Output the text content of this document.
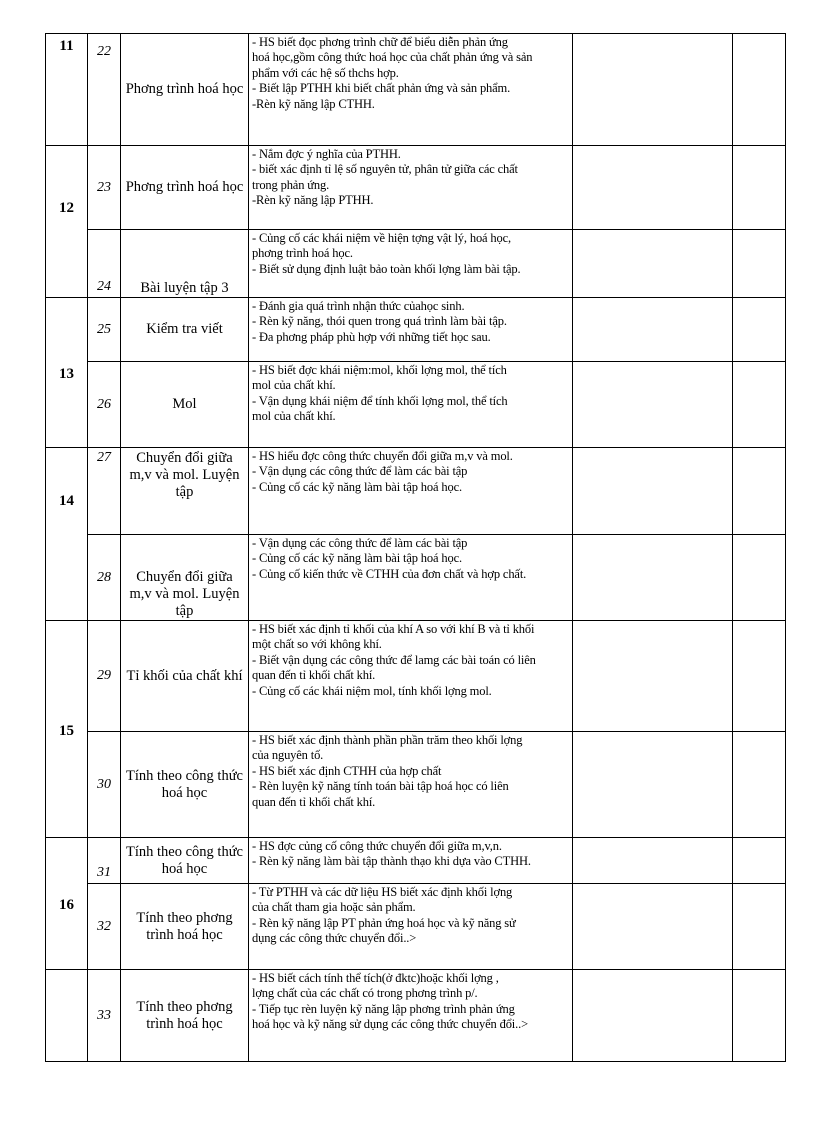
11	22	Phơng trình hoá học	- HS biết đọc phơng trình chữ để biểu diễn phản ứng
hoá học,gồm công thức hoá học của chất phản ứng và sản
phẩm với các hệ số thchs hợp.
- Biết lập PTHH khi biết chất phản ứng và sản phẩm.
-Rèn kỹ năng lập CTHH.		

12	23	Phơng trình hoá học	- Nắm đợc ý nghĩa của PTHH.
- biết xác định tỉ lệ số nguyên tử, phân tử giữa các chất
trong phản ứng.
-Rèn kỹ năng lập PTHH.		

	24	Bài luyện tập 3	- Củng cố các khái niệm về hiện tợng vật lý, hoá học,
phơng trình hoá học.
- Biết sử dụng định luật bảo toàn khối lợng làm bài tập.		

13	25	Kiểm tra viết	- Đánh gia quá trình nhận thức củahọc sinh.
- Rèn kỹ năng, thói quen trong quá trình làm bài tập.
- Đa phơng pháp phù hợp với những tiết học sau.		

	26	Mol	- HS biết đợc khái niệm:mol, khối lợng mol, thể tích
mol của chất khí.
- Vận dụng khái niệm để tính khối lợng mol, thể tích
mol của chất khí.		

14	27	Chuyển đổi giữa m,v và mol. Luyện tập	- HS hiểu đợc công thức chuyển đổi giữa m,v và mol.
- Vận dụng các công thức để làm các bài tập
- Củng cố các kỹ năng làm bài tập hoá học.		

	28	Chuyển đổi giữa m,v và mol. Luyện tập	- Vận dụng các công thức để làm các bài tập
- Củng cố các kỹ năng làm bài tập hoá học.
- Củng cố kiến thức về CTHH của đơn chất và hợp chất.		

15	29	Tỉ khối của chất khí	- HS biết xác định tỉ khối của khí A so với khí B và tỉ khối
một chất so với không khí.
- Biết vận dụng các công thức để lamg các bài toán có liên
quan đến tỉ khối chất khí.
- Củng cố các khái niệm mol, tính khối lợng mol.		

	30	Tính theo công thức hoá học	- HS biết xác định thành phần phần trăm theo khối lợng
của nguyên tố.
- HS biết xác định CTHH của hợp chất
- Rèn luyện kỹ năng tính toán bài tập hoá học có liên
quan đến tỉ khối chất khí.		

16	31	Tính theo công thức hoá học	- HS đợc củng cố công thức chuyển đổi giữa m,v,n.
- Rèn kỹ năng làm bài tập thành thạo khi dựa vào CTHH.		

	32	Tính theo phơng trình hoá học	- Từ PTHH và các dữ liệu HS biết xác định khối lợng
của chất tham gia hoặc sản phẩm.
- Rèn kỹ năng lập PT phản ứng hoá học và kỹ năng sử
dụng các công thức chuyển đổi..>		

	33	Tính theo phơng trình hoá học	- HS biết cách tính thể tích(ở đktc)hoặc khối lợng ,
lợng chất của các chất có trong phơng trình p/.
- Tiếp tục rèn luyện kỹ năng lập phơng trình phản ứng
hoá học và kỹ năng sử dụng các công thức chuyển đổi..>		
